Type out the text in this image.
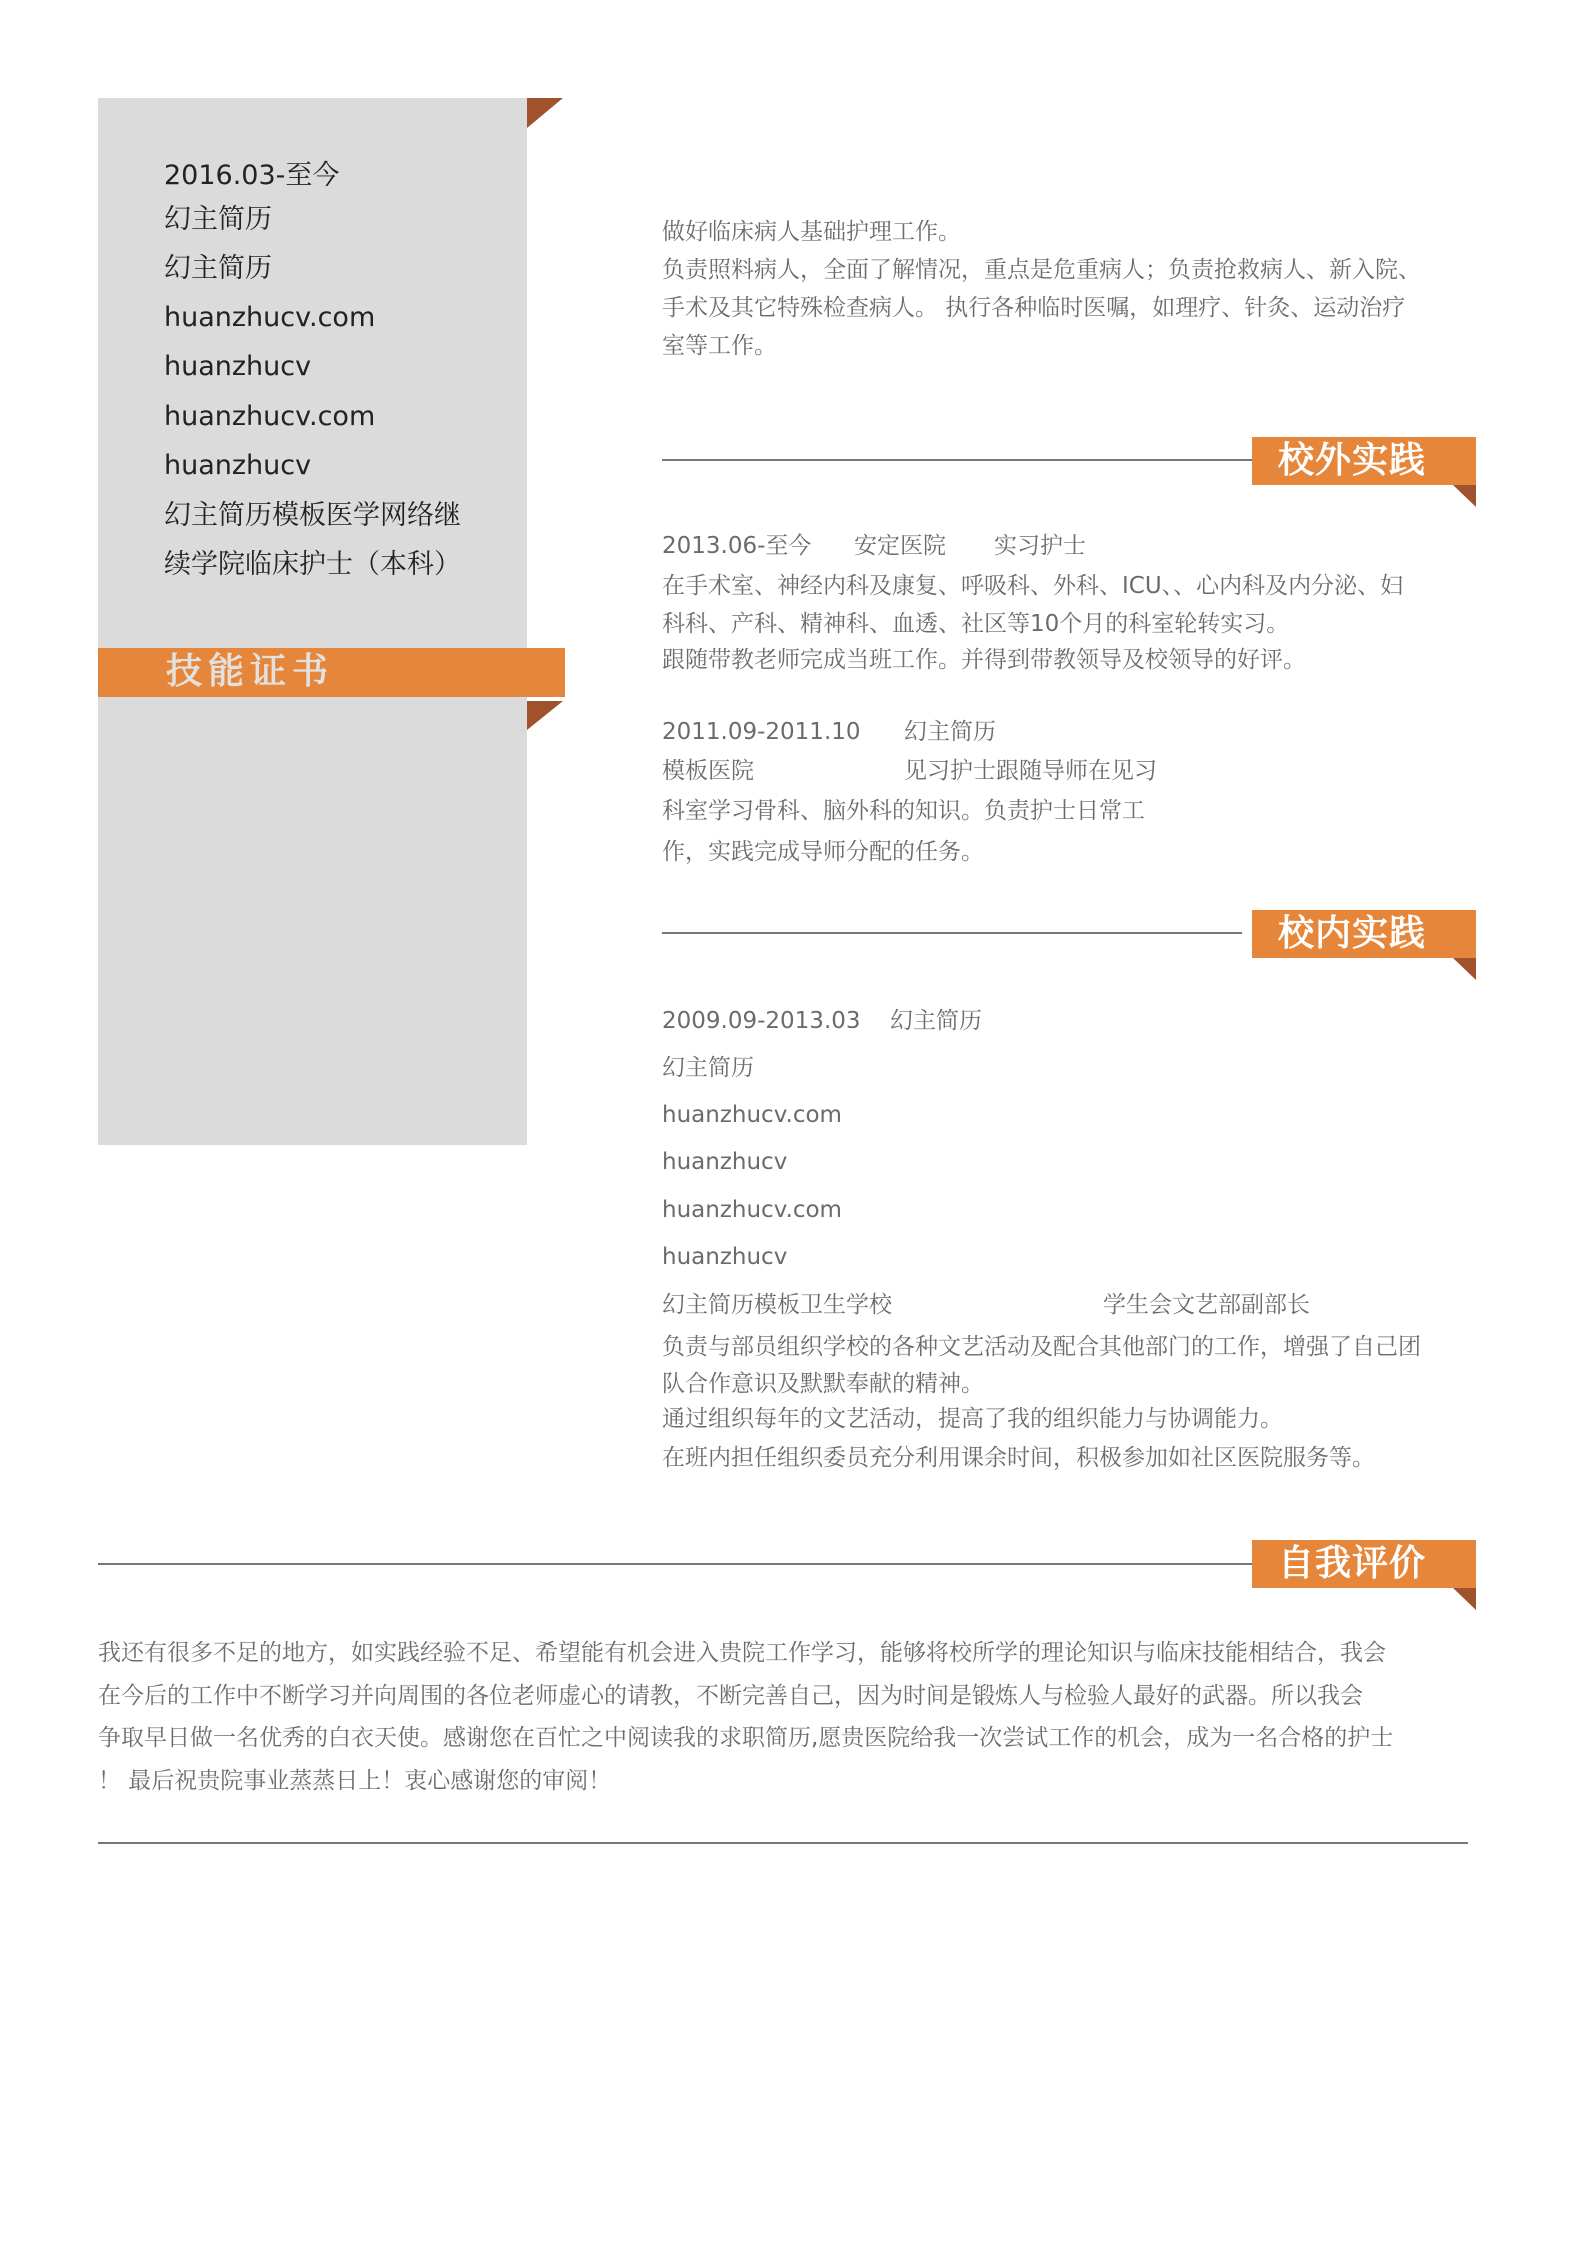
2016.03-至今
幻主简历
幻主简历
huanzhucv.com
huanzhucv
huanzhucv.com
huanzhucv
幻主简历模板医学网络继
续学院临床护士（本科）
技能证书
做好临床病人基础护理工作。
负责照料病人，全面了解情况，重点是危重病人；负责抢救病人、新入院、
手术及其它特殊检查病人。 执行各种临时医嘱，如理疗、针灸、运动治疗
室等工作。
校外实践
2013.06-至今 安定医院 实习护士
在手术室、神经内科及康复、呼吸科、外科、ICU、、心内科及内分泌、妇
科科、产科、精神科、血透、社区等10个月的科室轮转实习。
跟随带教老师完成当班工作。并得到带教领导及校领导的好评。
2011.09-2011.10 幻主简历
模板医院	见习护士跟随导师在见习
科室学习骨科、脑外科的知识。负责护士日常工
作，实践完成导师分配的任务。
校内实践
2009.09-2013.03 幻主简历
幻主简历
huanzhucv.com
huanzhucv
huanzhucv.com
huanzhucv
幻主简历模板卫生学校	学生会文艺部副部长
负责与部员组织学校的各种文艺活动及配合其他部门的工作，增强了自己团
队合作意识及默默奉献的精神。
通过组织每年的文艺活动，提高了我的组织能力与协调能力。
在班内担任组织委员充分利用课余时间，积极参加如社区医院服务等。
自我评价
我还有很多不足的地方，如实践经验不足、希望能有机会进入贵院工作学习，能够将校所学的理论知识与临床技能相结合，我会
在今后的工作中不断学习并向周围的各位老师虚心的请教，不断完善自己，因为时间是锻炼人与检验人最好的武器。所以我会
争取早日做一名优秀的白衣天使。感谢您在百忙之中阅读我的求职简历,愿贵医院给我一次尝试工作的机会，成为一名合格的护士
！ 最后祝贵院事业蒸蒸日上！衷心感谢您的审阅！
